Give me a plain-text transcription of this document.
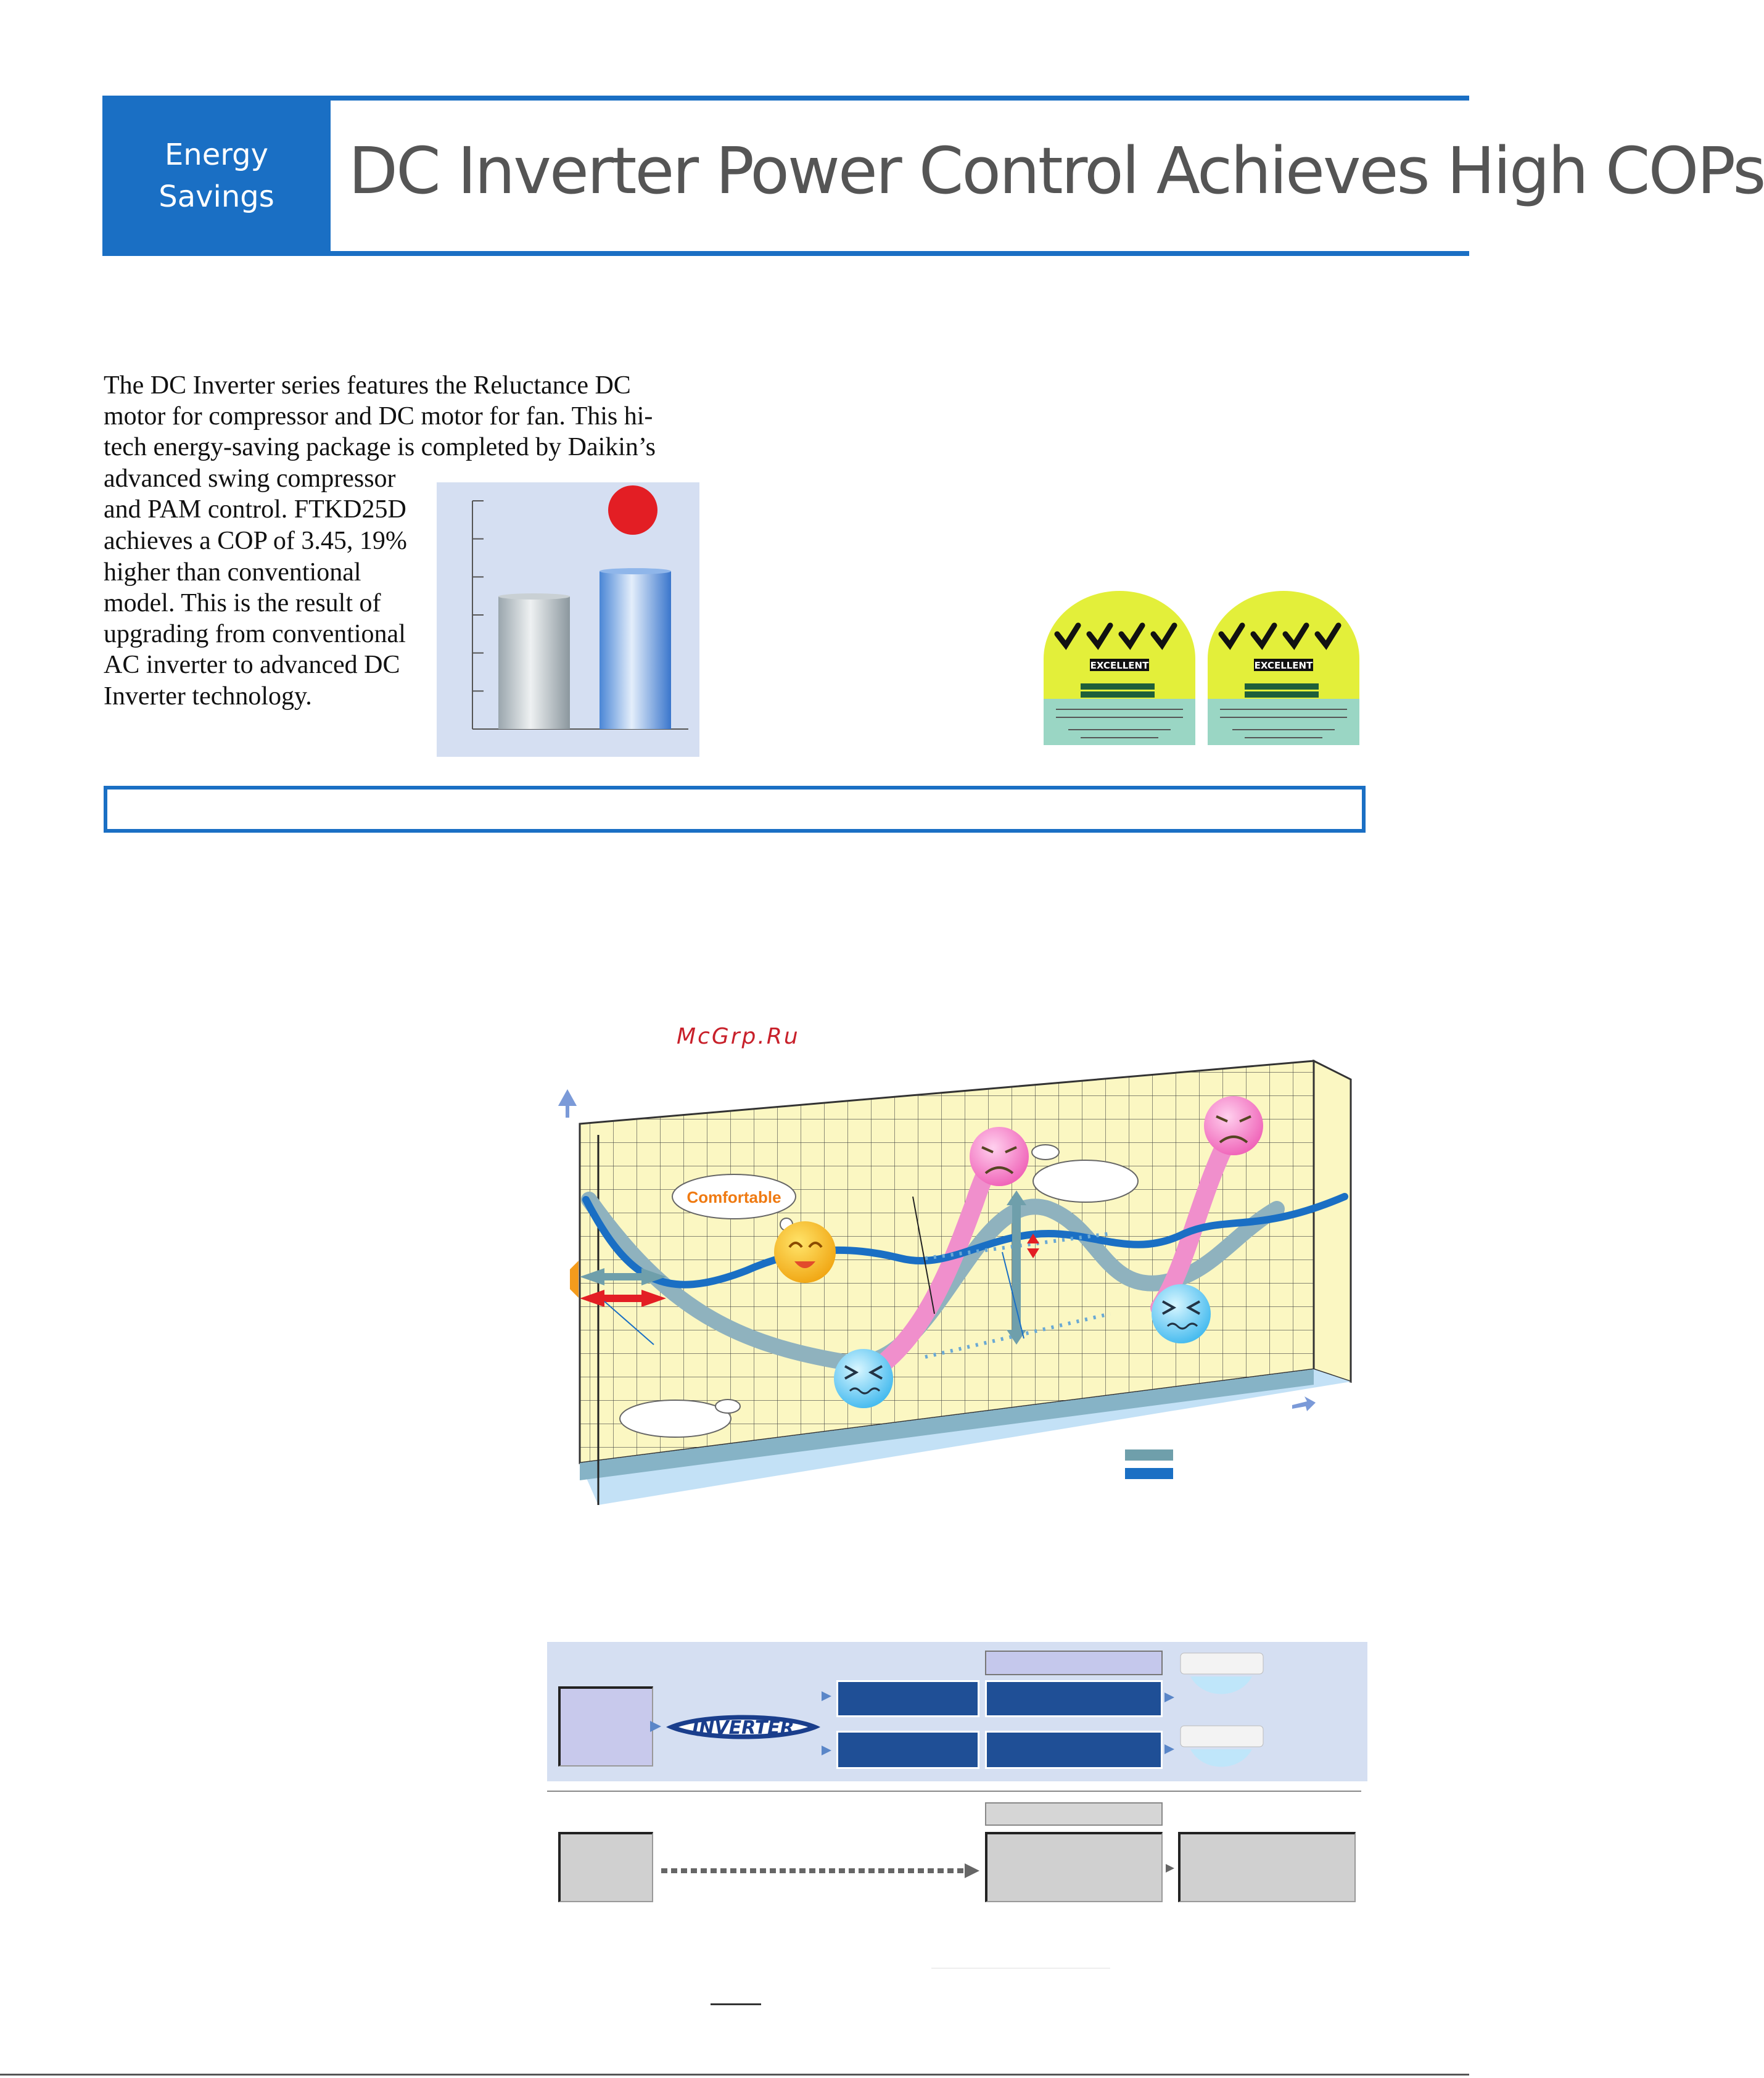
Energy
Savings DC Inverter Power Control Achieves High COPs
The DC Inverter series features the Reluctance DC
motor for compressor and DC motor for fan. This hi-
tech energy-saving package is completed by Daikin’s
advanced swing compressor
and PAM control. FTKD25D
achieves a COP of 3.45, 19%
higher than conventional
model. This is the result of
upgrading from conventional
AC inverter to advanced DC
Inverter technology.
EXCELLENT	EXCELLENT
McGrp.Ru
Comfortable
INVERTER
